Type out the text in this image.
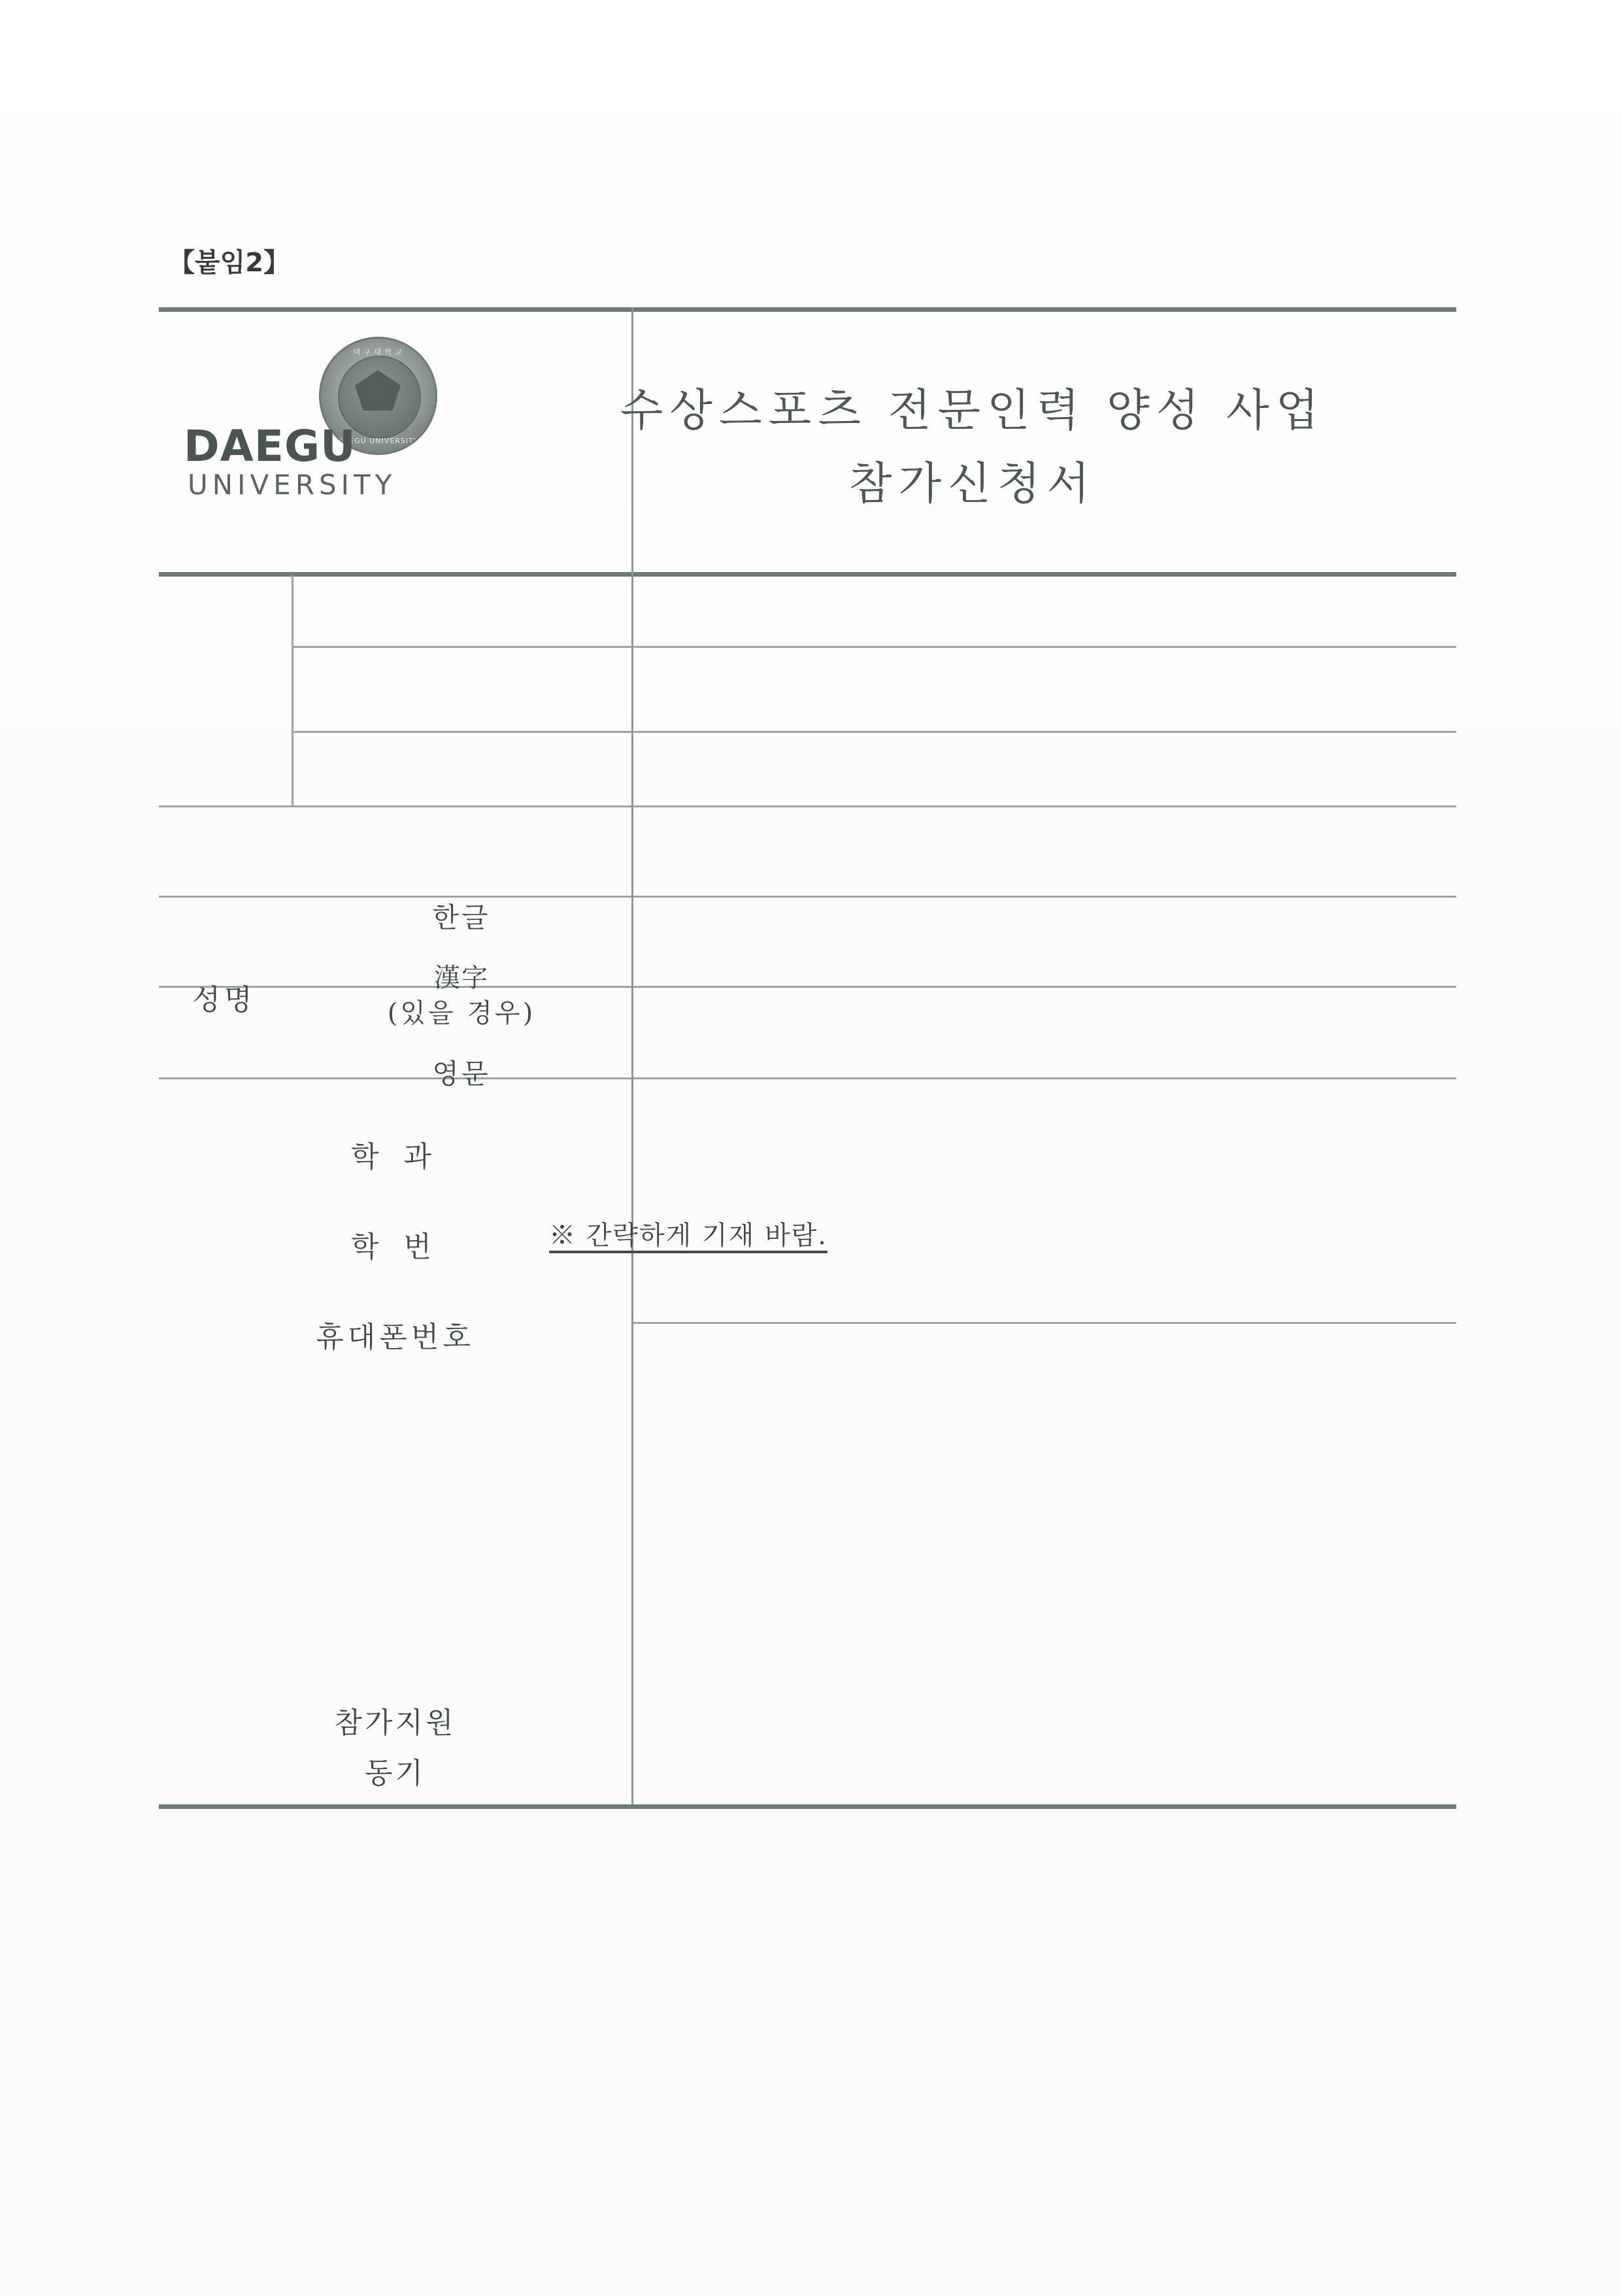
【붙임2】
대 구 대 학 교
DAEGU UNIVERSITY
DAEGU
UNIVERSITY
수상스포츠 전문인력 양성 사업
참가신청서
성명
한글
漢字
(있을 경우)
영문
학 과
학 번
휴대폰번호
참가지원
동기
※ 간략하게 기재 바람.
